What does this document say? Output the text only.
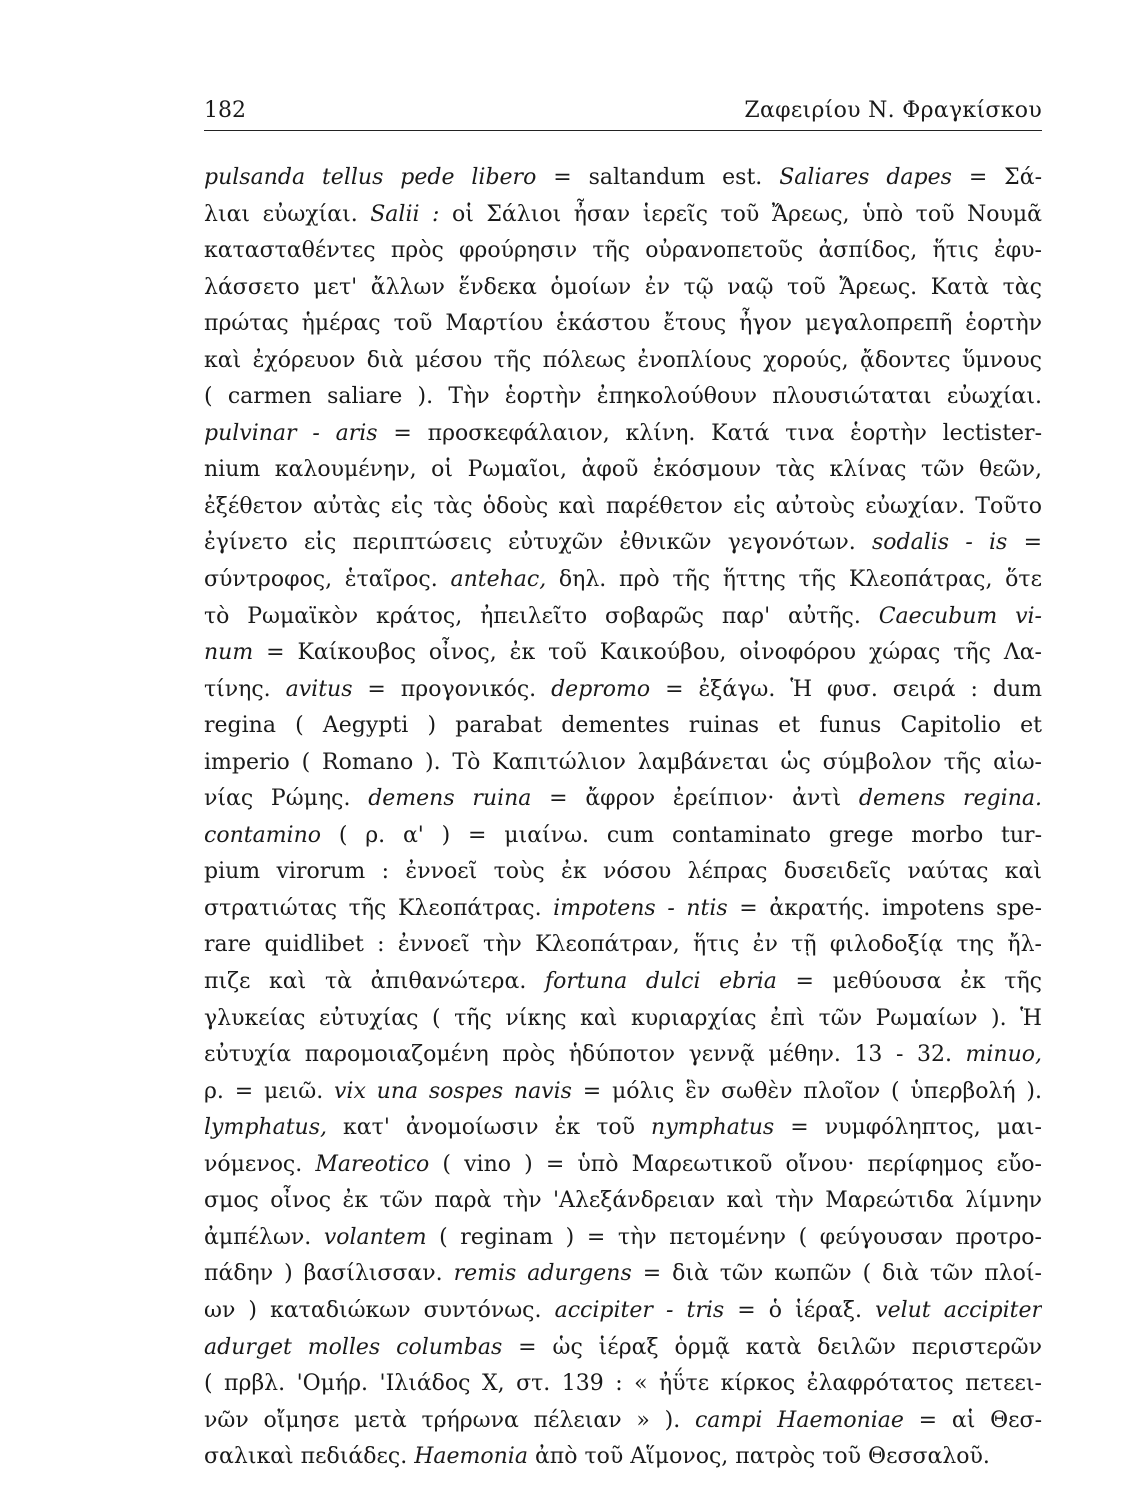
182	Ζαφειρίου Ν. Φραγκίσκου
pulsanda tellus pede libero = saltandum est. Saliares dapes = Σά-
λιαι εὐωχίαι. Salii : οἱ Σάλιοι ἦσαν ἱερεῖς τοῦ Ἄρεως, ὑπὸ τοῦ Νουμᾶ
κατασταθέντες πρὸς φρούρησιν τῆς οὐρανοπετοῦς ἀσπίδος, ἥτις ἐφυ-
λάσσετο μετ' ἄλλων ἕνδεκα ὁμοίων ἐν τῷ ναῷ τοῦ Ἄρεως. Κατὰ τὰς
πρώτας ἡμέρας τοῦ Μαρτίου ἑκάστου ἔτους ἦγον μεγαλοπρεπῆ ἑορτὴν
καὶ ἐχόρευον διὰ μέσου τῆς πόλεως ἐνοπλίους χορούς, ᾄδοντες ὕμνους
( carmen saliare ). Τὴν ἑορτὴν ἐπηκολούθουν πλουσιώταται εὐωχίαι.
pulvinar - aris = προσκεφάλαιον, κλίνη. Κατά τινα ἑορτὴν lectister-
nium καλουμένην, οἱ Ρωμαῖοι, ἀφοῦ ἐκόσμουν τὰς κλίνας τῶν θεῶν,
ἐξέθετον αὐτὰς εἰς τὰς ὁδοὺς καὶ παρέθετον εἰς αὐτοὺς εὐωχίαν. Τοῦτο
ἐγίνετο εἰς περιπτώσεις εὐτυχῶν ἐθνικῶν γεγονότων. sodalis - is =
σύντροφος, ἑταῖρος. antehac, δηλ. πρὸ τῆς ἥττης τῆς Κλεοπάτρας, ὅτε
τὸ Ρωμαϊκὸν κράτος, ἠπειλεῖτο σοβαρῶς παρ' αὐτῆς. Caecubum vi-
num = Καίκουβος οἶνος, ἐκ τοῦ Καικούβου, οἰνοφόρου χώρας τῆς Λα-
τίνης. avitus = προγονικός. depromo = ἐξάγω. Ἡ φυσ. σειρά : dum
regina ( Aegypti ) parabat dementes ruinas et funus Capitolio et
imperio ( Romano ). Τὸ Καπιτώλιον λαμβάνεται ὡς σύμβολον τῆς αἰω-
νίας Ρώμης. demens ruina = ἄφρον ἐρείπιον· ἀντὶ demens regina.
contamino ( ρ. α' ) = μιαίνω. cum contaminato grege morbo tur-
pium virorum : ἐννοεῖ τοὺς ἐκ νόσου λέπρας δυσειδεῖς ναύτας καὶ
στρατιώτας τῆς Κλεοπάτρας. impotens - ntis = ἀκρατής. impotens spe-
rare quidlibet : ἐννοεῖ τὴν Κλεοπάτραν, ἥτις ἐν τῇ φιλοδοξίᾳ της ἤλ-
πιζε καὶ τὰ ἀπιθανώτερα. fortuna dulci ebria = μεθύουσα ἐκ τῆς
γλυκείας εὐτυχίας ( τῆς νίκης καὶ κυριαρχίας ἐπὶ τῶν Ρωμαίων ). Ἡ
εὐτυχία παρομοιαζομένη πρὸς ἡδύποτον γεννᾷ μέθην. 13 - 32. minuo,
ρ. = μειῶ. vix una sospes navis = μόλις ἓν σωθὲν πλοῖον ( ὑπερβολή ).
lymphatus, κατ' ἀνομοίωσιν ἐκ τοῦ nymphatus = νυμφόληπτος, μαι-
νόμενος. Mareotico ( vino ) = ὑπὸ Μαρεωτικοῦ οἴνου· περίφημος εὔο-
σμος οἶνος ἐκ τῶν παρὰ τὴν 'Αλεξάνδρειαν καὶ τὴν Μαρεώτιδα λίμνην
ἀμπέλων. volantem ( reginam ) = τὴν πετομένην ( φεύγουσαν προτρο-
πάδην ) βασίλισσαν. remis adurgens = διὰ τῶν κωπῶν ( διὰ τῶν πλοί-
ων ) καταδιώκων συντόνως. accipiter - tris = ὁ ἱέραξ. velut accipiter
adurget molles columbas = ὡς ἱέραξ ὁρμᾷ κατὰ δειλῶν περιστερῶν
( πρβλ. 'Ομήρ. 'Ιλιάδος Χ, στ. 139 : « ἠΰτε κίρκος ἐλαφρότατος πετεει-
νῶν οἴμησε μετὰ τρήρωνα πέλειαν » ). campi Haemoniae = αἱ Θεσ-
σαλικαὶ πεδιάδες. Haemonia ἀπὸ τοῦ Αἵμονος, πατρὸς τοῦ Θεσσαλοῦ.
